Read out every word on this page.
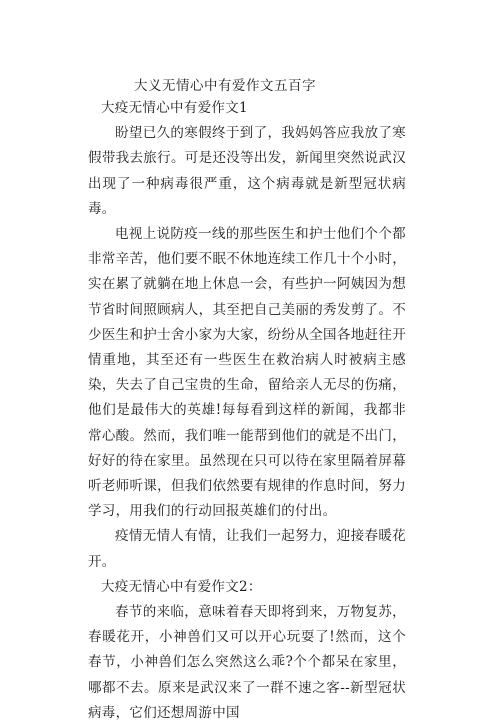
大义无情心中有爱作文五百字

大疫无情心中有爱作文1

盼望已久的寒假终于到了，我妈妈答应我放了寒假带我去旅行。可是还没等出发，新闻里突然说武汉出现了一种病毒很严重，这个病毒就是新型冠状病毒。

电视上说防疫一线的那些医生和护士他们个个都非常辛苦，他们要不眠不休地连续工作几十个小时，实在累了就躺在地上休息一会，有些护一阿姨因为想节省时间照顾病人，其至把自己美丽的秀发剪了。不少医生和护士舍小家为大家，纷纷从全国各地赶往开情重地，其至还有一些医生在救治病人时被病主感染，失去了自己宝贵的生命，留给亲人无尽的伤痛，他们是最伟大的英雄!每每看到这样的新闻，我都非常心酸。然而，我们唯一能帮到他们的就是不出门，好好的待在家里。虽然现在只可以待在家里隔着屏幕听老师听课，但我们依然要有规律的作息时间，努力学习，用我们的行动回报英雄们的付出。

疫情无情人有情，让我们一起努力，迎接春暖花开。

大疫无情心中有爱作文2：

春节的来临，意味着春天即将到来，万物复苏，春暖花开，小神兽们又可以开心玩耍了!然而，这个春节，小神兽们怎么突然这么乖?个个都呆在家里，哪都不去。原来是武汉来了一群不速之客--新型冠状病毒，它们还想周游中国
